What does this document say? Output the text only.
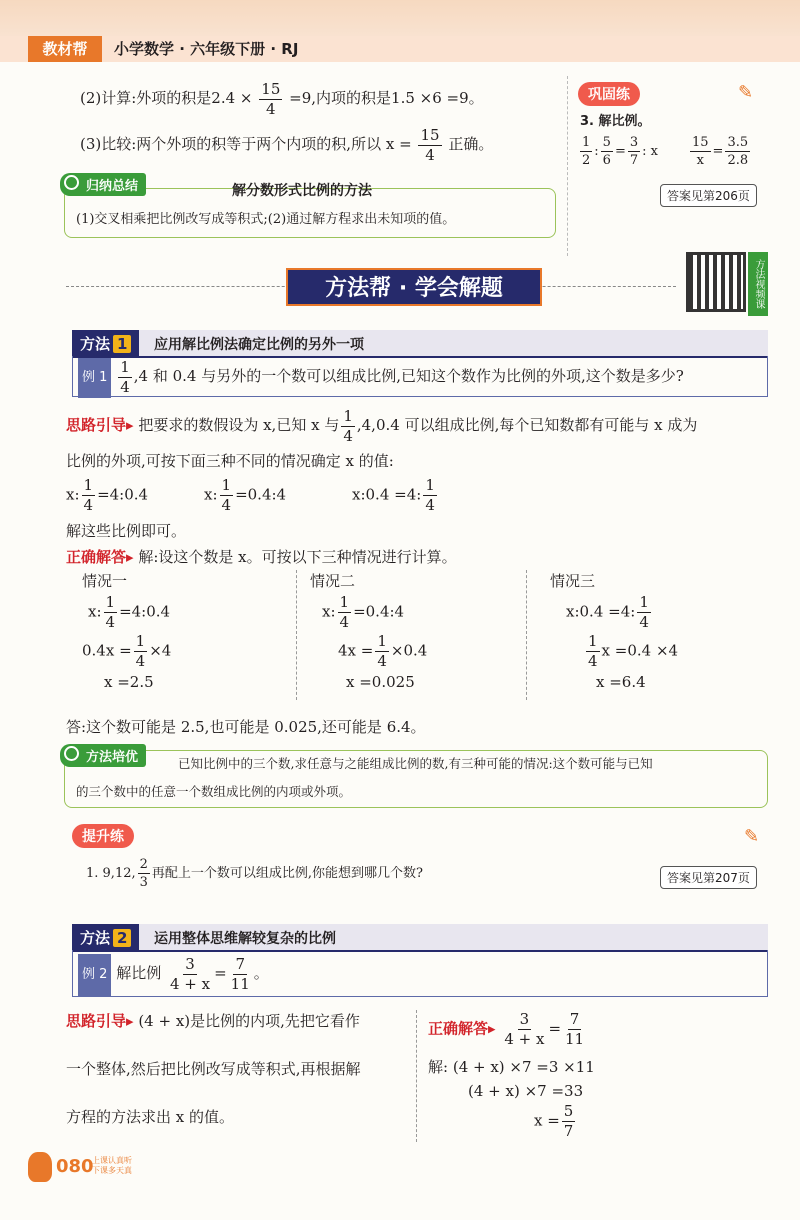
教材帮	小学数学 · 六年级下册 · RJ
(2)计算:外项的积是$2.4 \times \frac{15}{4} =9$,内项的积是1.5 ×6 =9。
(3)比较:两个外项的积等于两个内项的积,所以 $x = \frac{15}{4}$ 正确。
归纳总结	解分数形式比例的方法
(1)交叉相乘把比例改写成等积式;(2)通过解方程求出未知项的值。
巩固练	✎
3. 解比例。
$\frac{1}{2}$ : $\frac{5}{6} = \frac{3}{7}$ : x $\frac{15}{x} = \frac{3.5}{2.8}$
答案见第206页
方法帮 · 学会解题	方法视频课
方法 1	应用解比例法确定比例的另外一项
例 $1 \frac{1}{4} ,4$ 和 0.4 与另外的一个数可以组成比例,已知这个数作为比例的外项,这个数是多少?
思路引导▸ 把要求的数假设为 x,已知 x 与 $\frac{1}{4} ,4,0.4$ 可以组成比例,每个已知数都有可能与 x 成为
比例的外项,可按下面三种不同的情况确定 x 的值:
x: $\frac{1}{4}$ =4:0.4	x: $\frac{1}{4}$ =0.4:4	x:0.4 =4: $\frac{1}{4}$
解这些比例即可。
正确解答▸ 解:设这个数是 x。可按以下三种情况进行计算。
情况一
x: $\frac{1}{4}$ =4:0.4
$0.4x = \frac{1}{4} \times 4$
x =2.5
情况二
x: $\frac{1}{4}$ =0.4:4
$4x = \frac{1}{4} \times 0.4$
x =0.025
情况三
x:0.4 =4: $\frac{1}{4}$
$\frac{1}{4}$ x =0.4 ×4
x =6.4
答:这个数可能是 2.5,也可能是 0.025,还可能是 6.4。
方法培优	已知比例中的三个数,求任意与之能组成比例的数,有三种可能的情况:这个数可能与已知
的三个数中的任意一个数组成比例的内项或外项。
提升练	✎
1. 9,12, $\frac{2}{3}$ 再配上一个数可以组成比例,你能想到哪几个数?	答案见第207页
方法 2	运用整体思维解较复杂的比例
例 2 解比例 $\frac{3}{4 + x} = \frac{7}{11}$ 。
思路引导▸ (4 + x)是比例的内项,先把它看作
一个整体,然后把比例改写成等积式,再根据解
方程的方法求出 x 的值。
正确解答▸ $\frac{3}{4 + x} = \frac{7}{11}$
解: (4 + x) ×7 =3 ×11
(4 + x) ×7 =33
$x = \frac{5}{7}$
080
上课认真听
下课多天真
